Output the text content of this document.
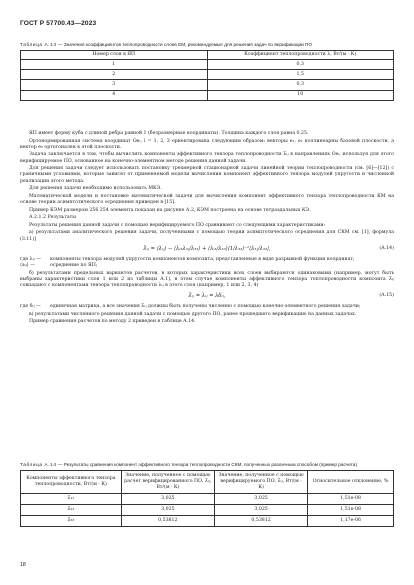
ГОСТ Р 57700.43—2023
Таблица А.13 — Значения коэффициентов теплопроводности слоев ЕМ, рекомендуемые для решения задач по верификации ПО
Номер слоя в ЯП	Коэффициент теплопроводности λ, Вт/(м · К)
1	0,3
2	1,5
3	0,3
4	10

ЯП имеет форму куба с длиной ребра равной 1 (безразмерные координаты). Толщина каждого слоя равна 0,25.

Ортонормированная система координат Oeᵢ, i = 1, 2, 3 ориентирована следующим образом: векторы e₁, e₂ коллинеарны базовой плоскости, а вектор e₃ ортогонален к этой плоскости.

Задача заключается в том, чтобы вычислить компоненты эффективного тензора теплопроводности λ̂ᵢⱼ в направлениях Oeᵢ, используя для этого верифицируемое ПО, основанное на конечно-элементном методе решения данной задачи.

Для решения задачи следует использовать постановку трехмерной стационарной задачи линейной теории теплопроводности (см. [6]—[12]) с граничными условиями, которые зависят от применяемой модели вычисления компонент эффективного тензора модулей упругости и численной реализации этого метода.

Для решения задачи необходимо использовать МКЭ.

Математической модели и постановке математической задачи для вычисления компонент эффективного тензора теплопроводности КМ на основе теории асимптотического осреднения приведен в [15].

Пример КЭМ размером 256 254 элемента показан на рисунке А.2, КЭМ построена на основе тетраэдальных КЭ.

А.2.1.2 Результаты

Результаты решения данной задачи с помощью верифицируемого ПО сравнивают со следующими характеристиками:

а) результатами аналитического решения задачи, полученными с помощью теории асимптотического осреднения для СКМ см. [1], формула (3.11)]

λ̂ᵢⱼ = ⟨λᵢⱼ⟩ − ⟨λᵢ₃λ₃ⱼ/λ₃₃⟩ + ⟨λᵢ₃/λ₃₃⟩⟨1/λ₃₃⟩⁻¹⟨λ₃ⱼ/λ₃₃⟩,	(А.14)
где λᵢⱼ —	компоненты тензора модулей упругости компонентов композита, представленные в виде разрывной функции координат;
⟨aᵢⱼ⟩ —	осреднение по ЯП;

б) результатами предельных вариантов расчетов, в которых характеристики всех слоев выбираются одинаковыми (например, могут быть выбраны характеристики слоя 1 или 2 из таблицы А.1), в этом случае компоненты эффективного тензора теплопроводности композита λ̂ᵢⱼ совпадают с компонентами тензора теплопроводности λᵢⱼ в этого слоя (например, 1 или 2, 3, 4)

λ̂ᵢⱼ = λᵢⱼ = λδᵢⱼ,	(А.15)
где δᵢⱼ —	единичная матрица, а все значения λ̂ᵢⱼ должны быть получены численно с помощью конечно-элементного решения задачи;

в) результатами численного решения данной задачи с помощью другого ПО, ранее прошедшего верификацию на данных задачах.

Пример сравнения расчетов по методу 2 приведен в таблице А.14.

Таблица А.14 — Результаты сравнения компонент эффективного тензора теплопроводности СКМ, полученных различным способом (пример расчета)
Компоненты эффективного тензора теплопроводности, Вт/(м · К)	Значение, полученное с помощью расчет верифицированного ПО, λ̂ᵢⱼ, Вт/(м · К)	Значение, полученное с помощью верифицируемого ПО, λ̂ᵢⱼ, Вт/(м · К)	Относительное отклонение, %
λ̂₁₁	3,025	3,025	1,51e-08
λ̂₂₂	3,025	3,025	1,51e-08
λ̂₃₃	0,53812	0,53812	1,17e-06
18
